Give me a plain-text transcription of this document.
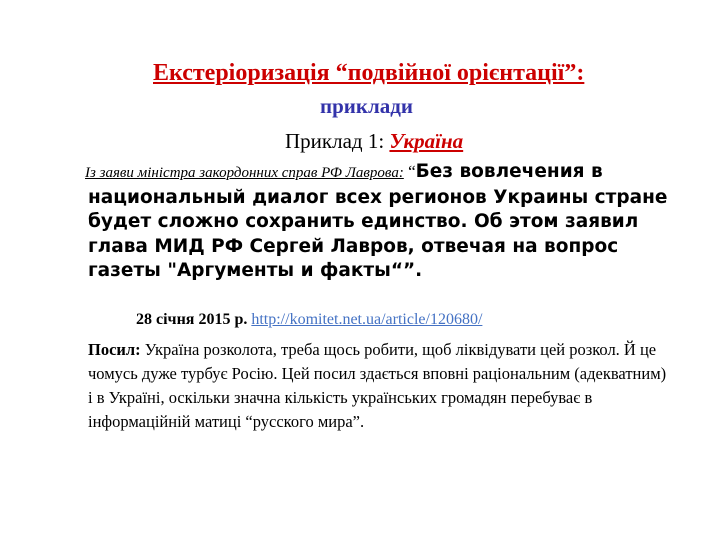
Екстеріоризація “подвійної орієнтації”:
приклади
Приклад 1: Україна
Із заяви міністра закордонних справ РФ Лаврова: “Без вовлечения в национальный диалог всех регионов Украины стране будет сложно сохранить единство. Об этом заявил глава МИД РФ Сергей Лавров, отвечая на вопрос газеты "Аргументы и факты“”.
28 січня 2015 р. http://komitet.net.ua/article/120680/
Посил: Україна розколота, треба щось робити, щоб ліквідувати цей розкол. Й це чомусь дуже турбує Росію. Цей посил здається вповні раціональним (адекватним) і в Україні, оскільки значна кількість українських громадян перебуває в інформаційній матиці “русского мира”.
